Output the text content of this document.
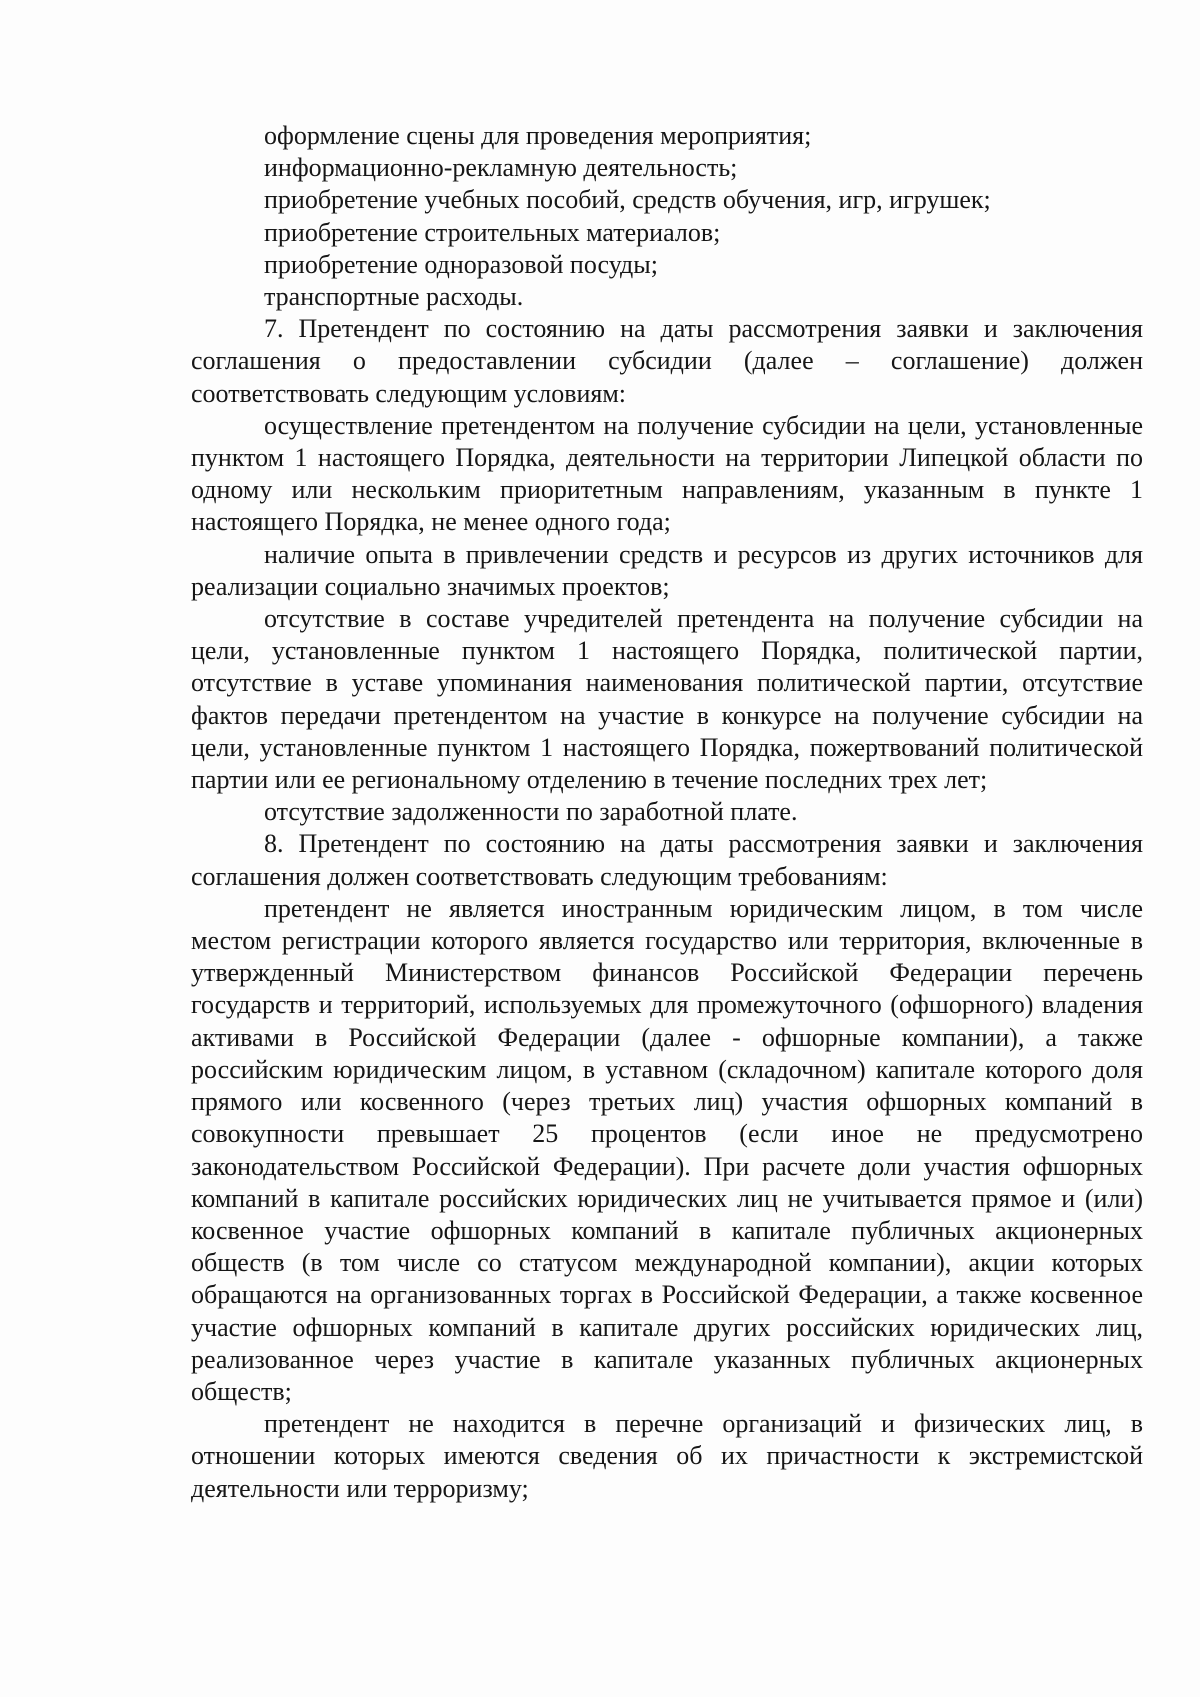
оформление сцены для проведения мероприятия;

информационно-рекламную деятельность;

приобретение учебных пособий, средств обучения, игр, игрушек;

приобретение строительных материалов;

приобретение одноразовой посуды;

транспортные расходы.

7. Претендент по состоянию на даты рассмотрения заявки и заключения соглашения о предоставлении субсидии (далее – соглашение) должен соответствовать следующим условиям:

осуществление претендентом на получение субсидии на цели, установленные пунктом 1 настоящего Порядка, деятельности на территории Липецкой области по одному или нескольким приоритетным направлениям, указанным в пункте 1 настоящего Порядка, не менее одного года;

наличие опыта в привлечении средств и ресурсов из других источников для реализации социально значимых проектов;

отсутствие в составе учредителей претендента на получение субсидии на цели, установленные пунктом 1 настоящего Порядка, политической партии, отсутствие в уставе упоминания наименования политической партии, отсутствие фактов передачи претендентом на участие в конкурсе на получение субсидии на цели, установленные пунктом 1 настоящего Порядка, пожертвований политической партии или ее региональному отделению в течение последних трех лет;

отсутствие задолженности по заработной плате.

8. Претендент по состоянию на даты рассмотрения заявки и заключения соглашения должен соответствовать следующим требованиям:

претендент не является иностранным юридическим лицом, в том числе местом регистрации которого является государство или территория, включенные в утвержденный Министерством финансов Российской Федерации перечень государств и территорий, используемых для промежуточного (офшорного) владения активами в Российской Федерации (далее - офшорные компании), а также российским юридическим лицом, в уставном (складочном) капитале которого доля прямого или косвенного (через третьих лиц) участия офшорных компаний в совокупности превышает 25 процентов (если иное не предусмотрено законодательством Российской Федерации). При расчете доли участия офшорных компаний в капитале российских юридических лиц не учитывается прямое и (или) косвенное участие офшорных компаний в капитале публичных акционерных обществ (в том числе со статусом международной компании), акции которых обращаются на организованных торгах в Российской Федерации, а также косвенное участие офшорных компаний в капитале других российских юридических лиц, реализованное через участие в капитале указанных публичных акционерных обществ;

претендент не находится в перечне организаций и физических лиц, в отношении которых имеются сведения об их причастности к экстремистской деятельности или терроризму;
